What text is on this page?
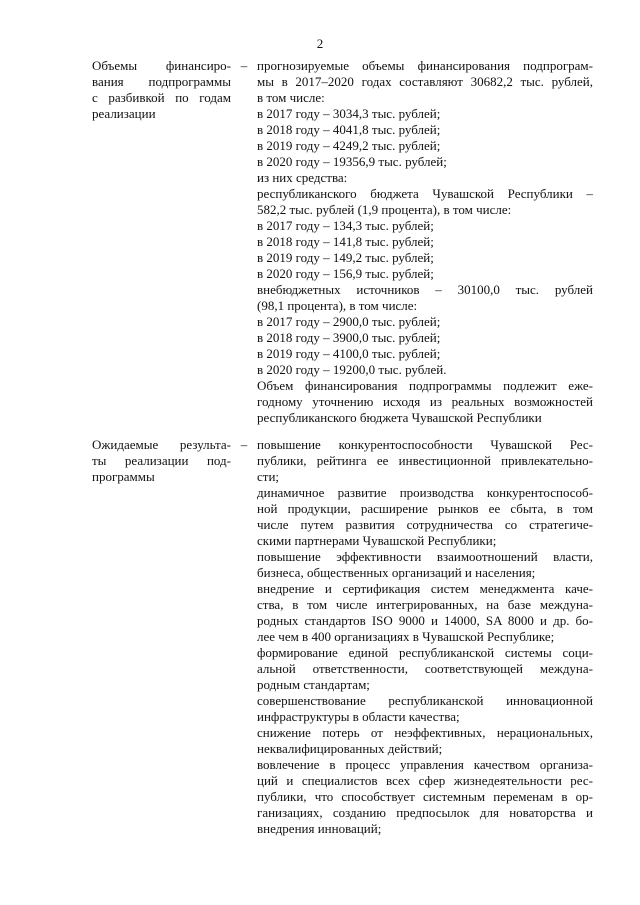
2
Объемы финансиро-
вания подпрограммы
с разбивкой по годам
реализации
– прогнозируемые объемы финансирования подпрограм-
мы в 2017–2020 годах составляют 30682,2 тыс. рублей,
в том числе:
в 2017 году – 3034,3 тыс. рублей;
в 2018 году – 4041,8 тыс. рублей;
в 2019 году – 4249,2 тыс. рублей;
в 2020 году – 19356,9 тыс. рублей;
из них средства:
республиканского бюджета Чувашской Республики –
582,2 тыс. рублей (1,9 процента), в том числе:
в 2017 году – 134,3 тыс. рублей;
в 2018 году – 141,8 тыс. рублей;
в 2019 году – 149,2 тыс. рублей;
в 2020 году – 156,9 тыс. рублей;
внебюджетных источников – 30100,0 тыс. рублей
(98,1 процента), в том числе:
в 2017 году – 2900,0 тыс. рублей;
в 2018 году – 3900,0 тыс. рублей;
в 2019 году – 4100,0 тыс. рублей;
в 2020 году – 19200,0 тыс. рублей.
Объем финансирования подпрограммы подлежит еже-
годному уточнению исходя из реальных возможностей
республиканского бюджета Чувашской Республики
Ожидаемые результа-
ты реализации под-
программы
– повышение конкурентоспособности Чувашской Рес-
публики, рейтинга ее инвестиционной привлекательно-
сти;
динамичное развитие производства конкурентоспособ-
ной продукции, расширение рынков ее сбыта, в том
числе путем развития сотрудничества со стратегиче-
скими партнерами Чувашской Республики;
повышение эффективности взаимоотношений власти,
бизнеса, общественных организаций и населения;
внедрение и сертификация систем менеджмента каче-
ства, в том числе интегрированных, на базе междуна-
родных стандартов ISO 9000 и 14000, SA 8000 и др. бо-
лее чем в 400 организациях в Чувашской Республике;
формирование единой республиканской системы соци-
альной ответственности, соответствующей междуна-
родным стандартам;
совершенствование республиканской инновационной
инфраструктуры в области качества;
снижение потерь от неэффективных, нерациональных,
неквалифицированных действий;
вовлечение в процесс управления качеством организа-
ций и специалистов всех сфер жизнедеятельности рес-
публики, что способствует системным переменам в ор-
ганизациях, созданию предпосылок для новаторства и
внедрения инноваций;
